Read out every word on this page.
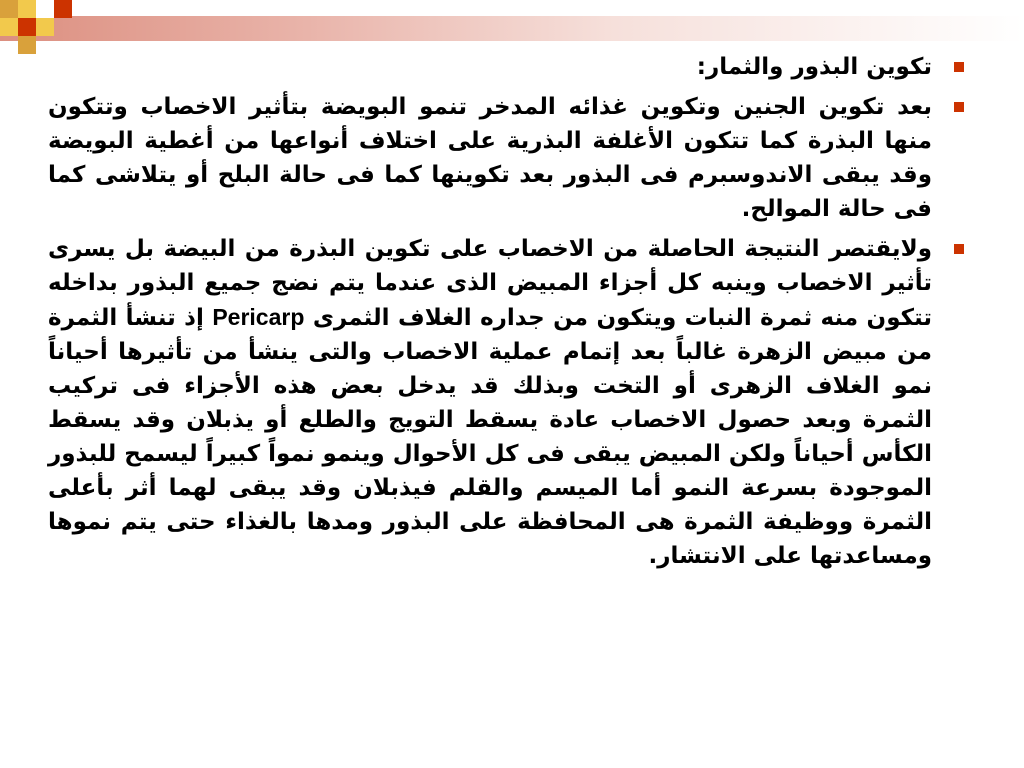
تكوين البذور والثمار:

بعد تكوين الجنين وتكوين غذائه المدخر تنمو البويضة بتأثير الاخصاب وتتكون منها البذرة كما تتكون الأغلفة البذرية على اختلاف أنواعها من أغطية البويضة وقد يبقى الاندوسبرم فى البذور بعد تكوينها كما فى حالة البلح أو يتلاشى كما فى حالة الموالح.

ولايقتصر النتيجة الحاصلة من الاخصاب على تكوين البذرة من البيضة بل يسرى تأثير الاخصاب وينبه كل أجزاء المبيض الذى عندما يتم نضج جميع البذور بداخله تتكون منه ثمرة النبات ويتكون من جداره الغلاف الثمرى Pericarp إذ تنشأ الثمرة من مبيض الزهرة غالباً بعد إتمام عملية الاخصاب والتى ينشأ من تأثيرها أحياناً نمو الغلاف الزهرى أو التخت وبذلك قد يدخل بعض هذه الأجزاء فى تركيب الثمرة وبعد حصول الاخصاب عادة يسقط التويج والطلع أو يذبلان وقد يسقط الكأس أحياناً ولكن المبيض يبقى فى كل الأحوال وينمو نمواً كبيراً ليسمح للبذور الموجودة بسرعة النمو أما الميسم والقلم فيذبلان وقد يبقى لهما أثر بأعلى الثمرة ووظيفة الثمرة هى المحافظة على البذور ومدها بالغذاء حتى يتم نموها ومساعدتها على الانتشار.
